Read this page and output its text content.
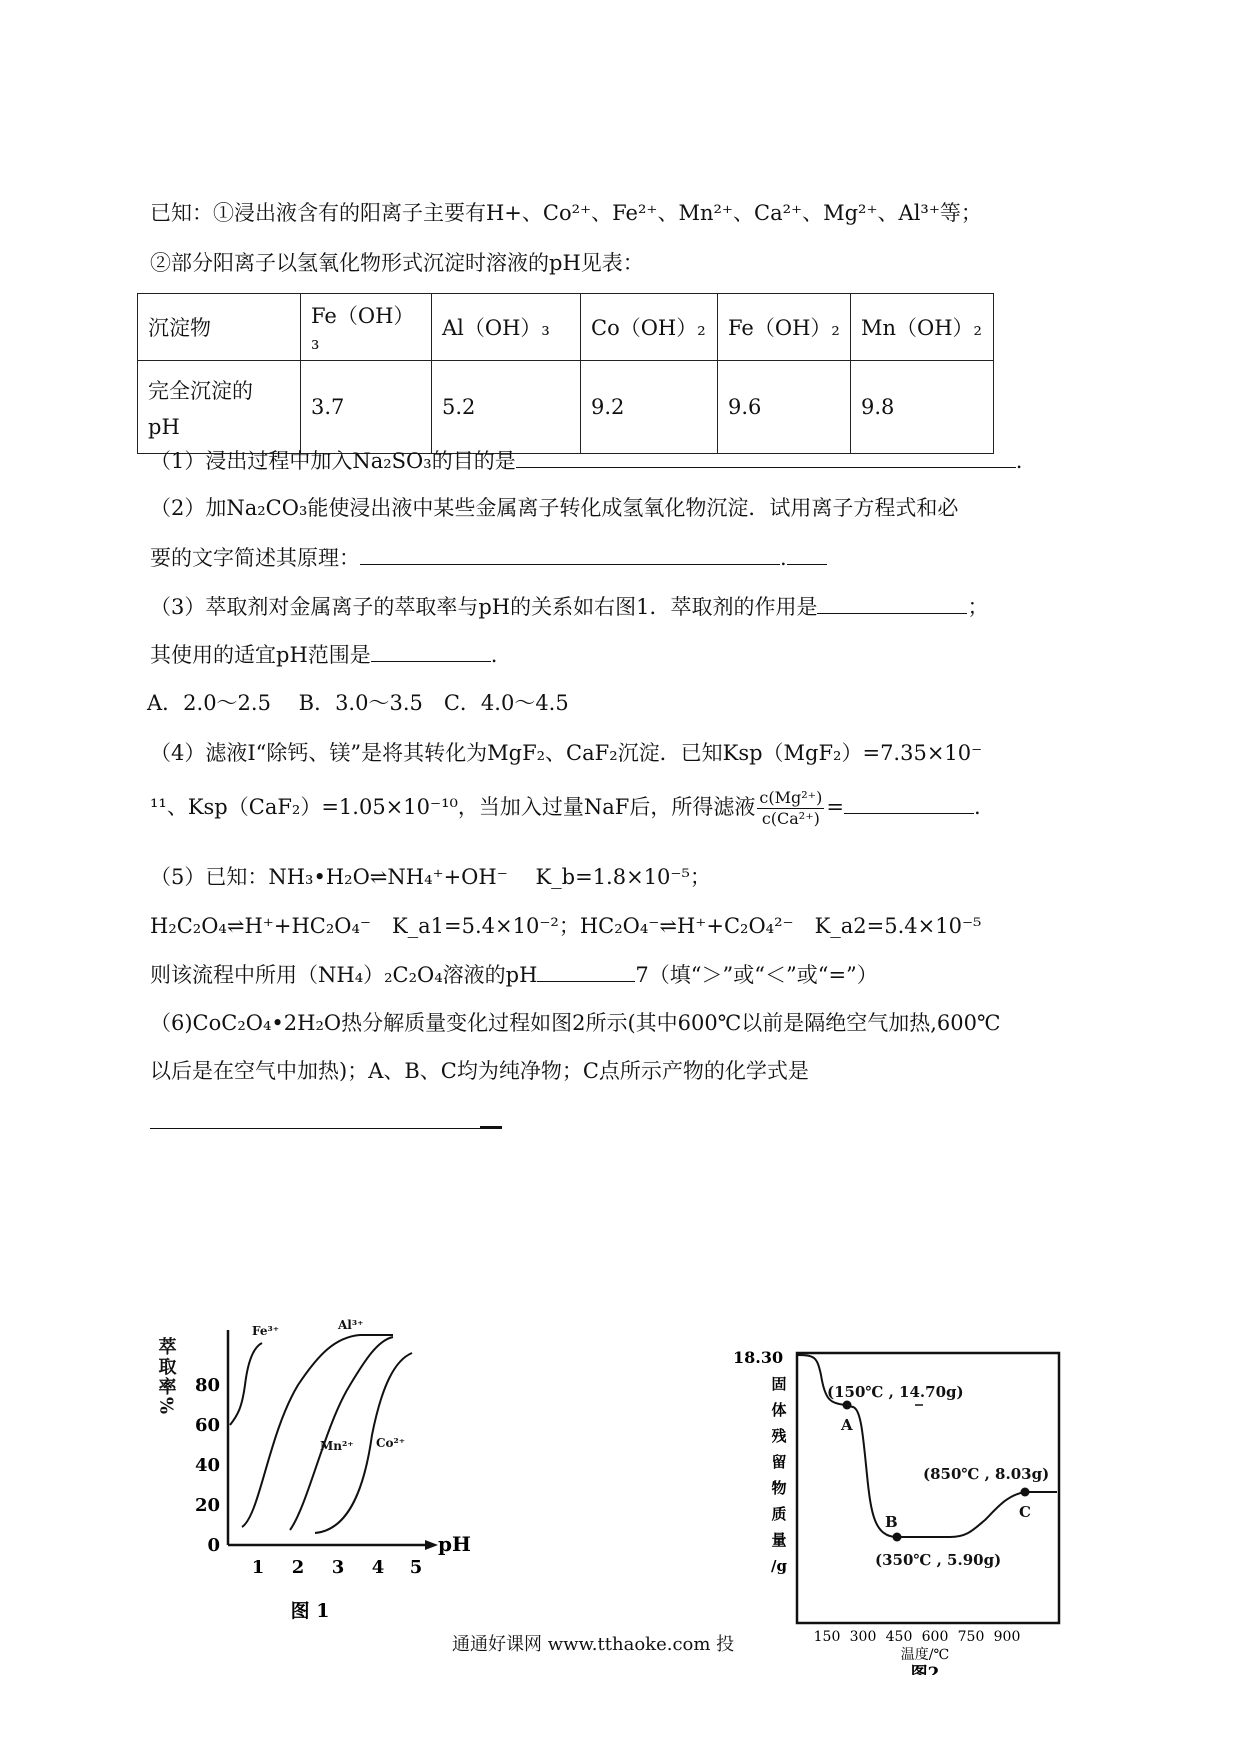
已知：①浸出液含有的阳离子主要有H+、Co²⁺、Fe²⁺、Mn²⁺、Ca²⁺、Mg²⁺、Al³⁺等；
②部分阳离子以氢氧化物形式沉淀时溶液的pH见表：
沉淀物	Fe（OH）₃	Al（OH）₃	Co（OH）₂	Fe（OH）₂	Mn（OH）₂

完全沉淀的
pH	3.7	5.2	9.2	9.6	9.8
（1）浸出过程中加入Na₂SO₃的目的是	.
（2）加Na₂CO₃能使浸出液中某些金属离子转化成氢氧化物沉淀．试用离子方程式和必
要的文字简述其原理：	.
（3）萃取剂对金属离子的萃取率与pH的关系如右图1．萃取剂的作用是	；
其使用的适宜pH范围是	.
A．2.0～2.5　 B．3.0～3.5　C．4.0～4.5
（4）滤液Ⅰ“除钙、镁”是将其转化为MgF₂、CaF₂沉淀．已知Ksp（MgF₂）=7.35×10⁻
¹¹、Ksp（CaF₂）=1.05×10⁻¹⁰，当加入过量NaF后，所得滤液 $\frac{\text{c(Mg²⁺)}}{\text{c(Ca²⁺)}}$ =	.
（5）已知：NH₃•H₂O⇌NH₄⁺+OH⁻　 K_b=1.8×10⁻⁵；
H₂C₂O₄⇌H⁺+HC₂O₄⁻　K_a1=5.4×10⁻²；HC₂O₄⁻⇌H⁺+C₂O₄²⁻　K_a2=5.4×10⁻⁵
则该流程中所用（NH₄）₂C₂O₄溶液的pH	7（填“＞”或“＜”或“=”）
（6)CoC₂O₄•2H₂O热分解质量变化过程如图2所示(其中600℃以前是隔绝空气加热,600℃
以后是在空气中加热)；A、B、C均为纯净物；C点所示产物的化学式是
萃取率%
pH
0
20
40
60
80
1 2 3 4 5
Fe³⁺	Al³⁺
Mn²⁺ Co²⁺
图 1
18.30
固
体
残
留
物
质
量
/g
A
B
C
(150℃ , 14.70g)
(350℃ , 5.90g)
(850℃ , 8.03g)
150 300 450 600 750 900
温度/℃
图2
通通好课网 www.tthaoke.com 投
